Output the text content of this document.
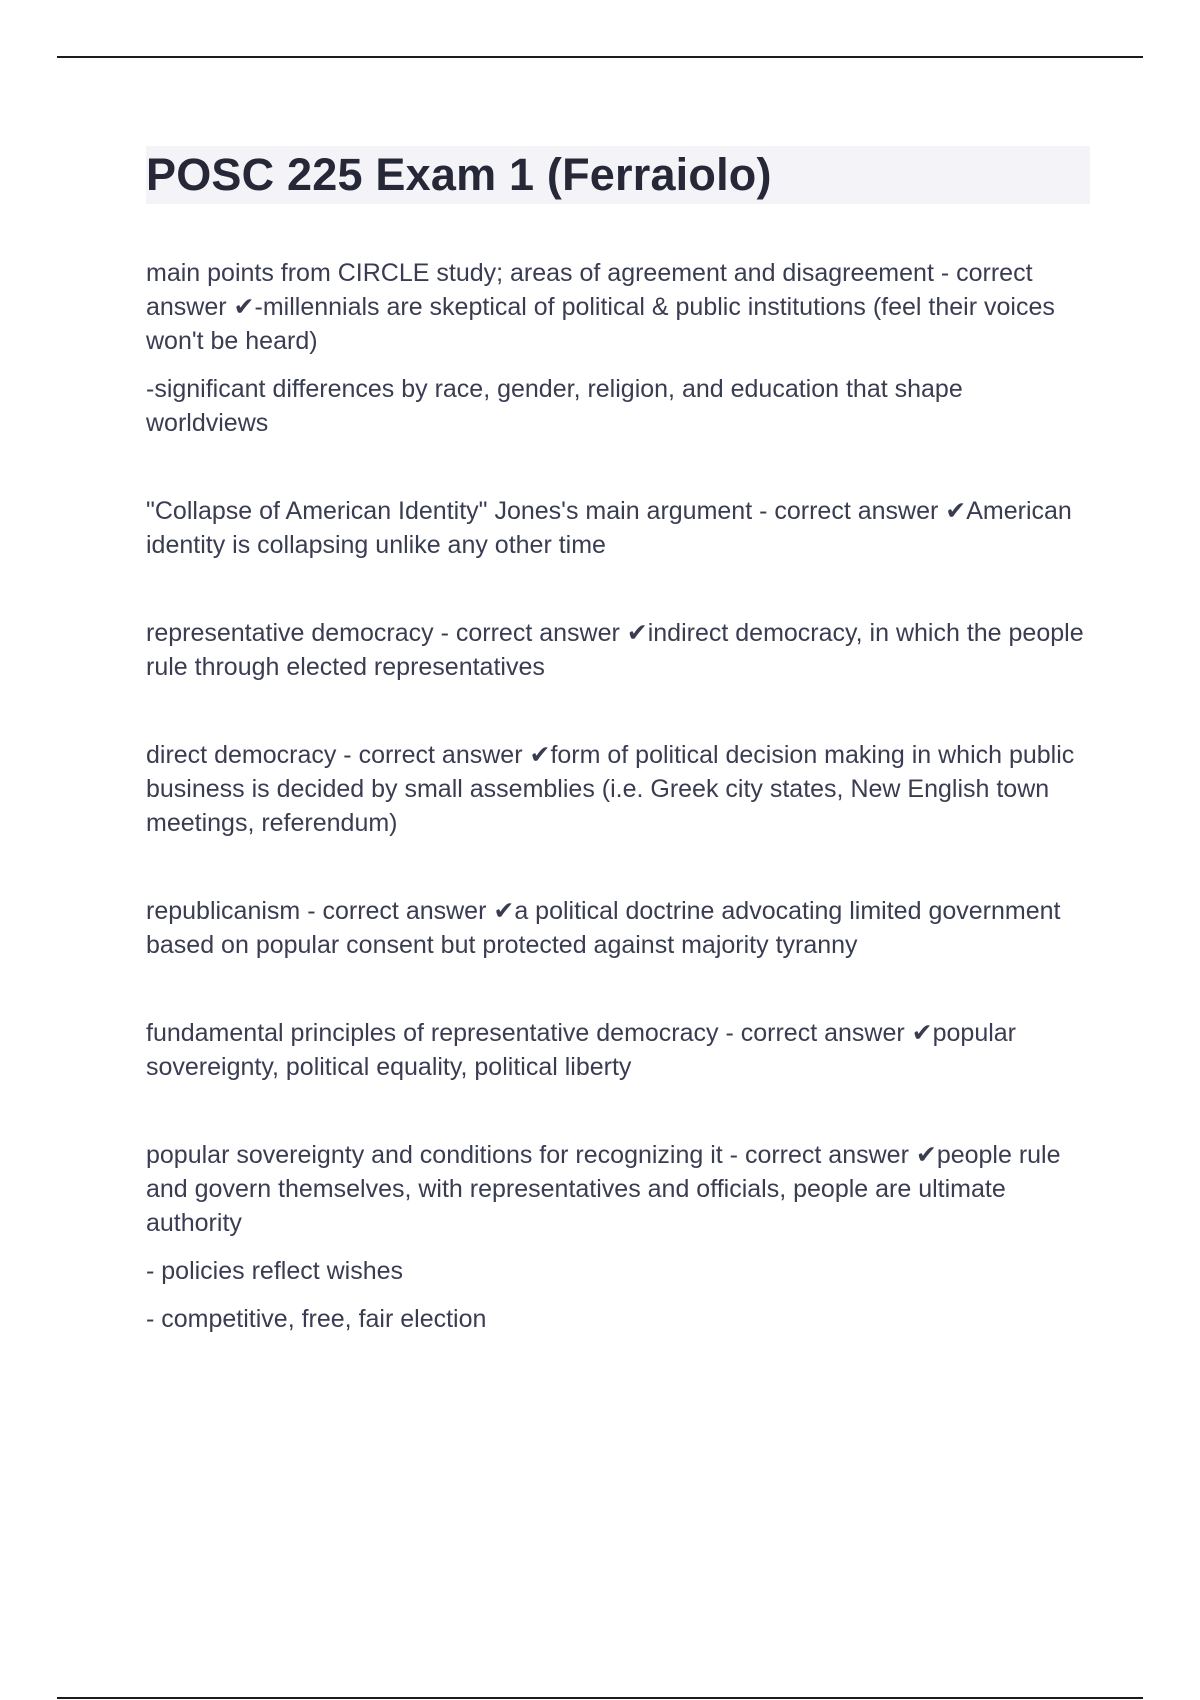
POSC 225 Exam 1 (Ferraiolo)

main points from CIRCLE study; areas of agreement and disagreement - correct answer ✔-millennials are skeptical of political & public institutions (feel their voices won't be heard)

-significant differences by race, gender, religion, and education that shape worldviews

"Collapse of American Identity" Jones's main argument - correct answer ✔American identity is collapsing unlike any other time

representative democracy - correct answer ✔indirect democracy, in which the people rule through elected representatives

direct democracy - correct answer ✔form of political decision making in which public business is decided by small assemblies (i.e. Greek city states, New English town meetings, referendum)

republicanism - correct answer ✔a political doctrine advocating limited government based on popular consent but protected against majority tyranny

fundamental principles of representative democracy - correct answer ✔popular sovereignty, political equality, political liberty

popular sovereignty and conditions for recognizing it - correct answer ✔people rule and govern themselves, with representatives and officials, people are ultimate authority

- policies reflect wishes

- competitive, free, fair election
